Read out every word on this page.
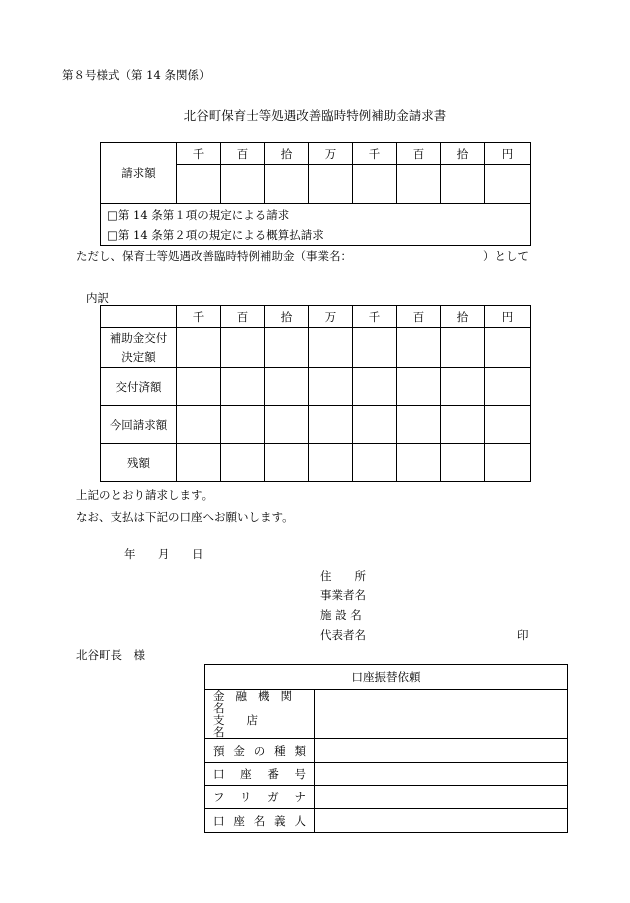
第８号様式（第 14 条関係）
北谷町保育士等処遇改善臨時特例補助金請求書
請求額	千	百	拾	万	千	百	拾	円

□第 14 条第１項の規定による請求
□第 14 条第２項の規定による概算払請求								
ただし、保育士等処遇改善臨時特例補助金（事業名：	）として
内訳
	千	百	拾	万	千	百	拾	円

補助金交付
決定額								

交付済額								
今回請求額								
残額								
上記のとおり請求します。
なお、支払は下記の口座へお願いします。
年 月 日
住　　所
事業者名
施 設 名
代表者名	印
北谷町長　様
口座振替依頼	

金融機関名
支店名	

預金の種類	
口座番号	
フリガナ	
口座名義人	
